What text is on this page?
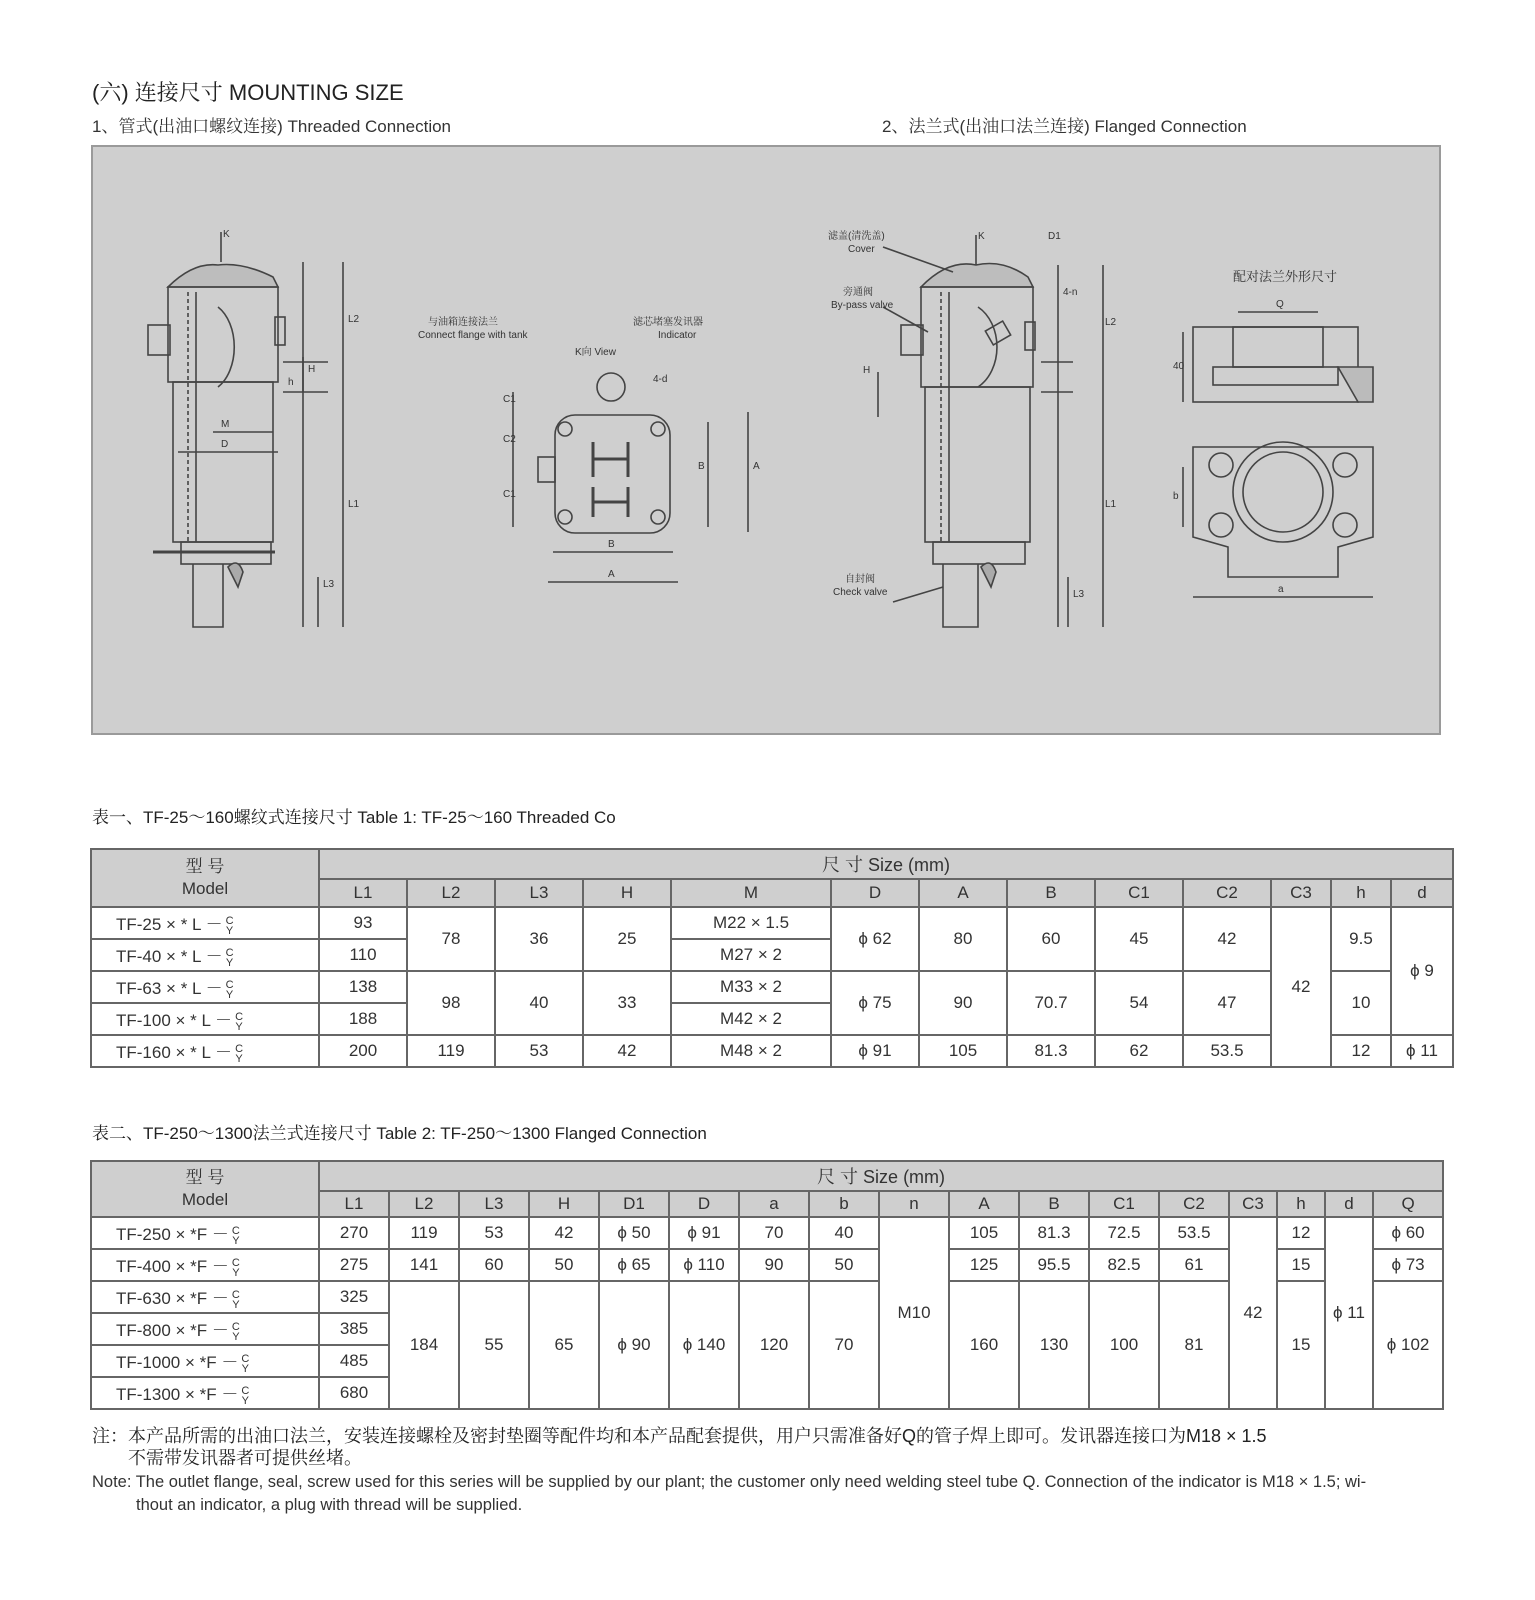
(六) 连接尺寸 MOUNTING SIZE
1、管式(出油口螺纹连接) Threaded Connection	2、法兰式(出油口法兰连接) Flanged Connection
K
L2
L1
L3
H
h
M
D
与油箱连接法兰
Connect flange with tank
滤芯堵塞发讯器
Indicator
K向 View
4-d
C1
C2
C1
B	A
B
A
滤盖(清洗盖)
Cover
K	D1
4-n
旁通阀
By-pass valve
L2
L1
L3
H
自封阀
Check valve
配对法兰外形尺寸
Q
40
a
b
表一、TF-25～160螺纹式连接尺寸 Table 1: TF-25～160 Threaded Co
型 号
Model	尺 寸 Size (mm)												
	L1	L2	L3	H	M	D	A	B	C1	C2	C3	h	d
TF-25 × * L － C
Y	93	78	36	25	M22 × 1.5	ϕ 62	80	60	45	42	42	9.5	ϕ 9
TF-40 × * L － C
Y	110				M27 × 2								
TF-63 × * L － C
Y	138	98	40	33	M33 × 2	ϕ 75	90	70.7	54	47		10	
TF-100 × * L － C
Y	188				M42 × 2								
TF-160 × * L － C
Y	200	119	53	42	M48 × 2	ϕ 91	105	81.3	62	53.5		12	ϕ 11
表二、TF-250～1300法兰式连接尺寸 Table 2: TF-250～1300 Flanged Connection
型 号
Model	尺 寸 Size (mm)																
	L1	L2	L3	H	D1	D	a	b	n	A	B	C1	C2	C3	h	d	Q
TF-250 × *F － C
Y	270	119	53	42	ϕ 50	ϕ 91	70	40	M10	105	81.3	72.5	53.5	42	12	ϕ 11	ϕ 60
TF-400 × *F － C
Y	275	141	60	50	ϕ 65	ϕ 110	90	50		125	95.5	82.5	61		15		ϕ 73
TF-630 × *F － C
Y	325	184	55	65	ϕ 90	ϕ 140	120	70		160	130	100	81		15		ϕ 102
TF-800 × *F － C
Y	385																
TF-1000 × *F － C
Y	485																
TF-1300 × *F － C
Y	680																
注：本产品所需的出油口法兰，安装连接螺栓及密封垫圈等配件均和本产品配套提供，用户只需准备好Q的管子焊上即可。发讯器连接口为M18 × 1.5
不需带发讯器者可提供丝堵。
Note: The outlet flange, seal, screw used for this series will be supplied by our plant; the customer only need welding steel tube Q. Connection of the indicator is M18 × 1.5; wi-
thout an indicator, a plug with thread will be supplied.
